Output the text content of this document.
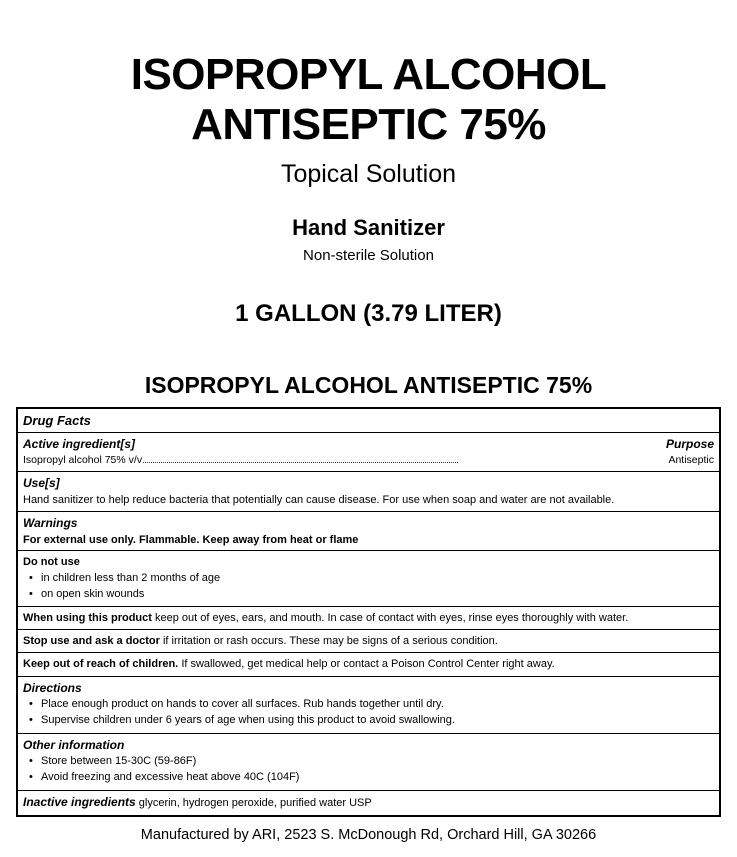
ISOPROPYL ALCOHOL
ANTISEPTIC 75%
Topical Solution
Hand Sanitizer
Non-sterile Solution
1 GALLON (3.79 LITER)
ISOPROPYL ALCOHOL ANTISEPTIC 75%
Drug Facts
Active ingredient[s]	Purpose
Isopropyl alcohol 75% v/v ..............................................................................................................................................................	Antiseptic
Use[s]
Hand sanitizer to help reduce bacteria that potentially can cause disease. For use when soap and water are not available.
Warnings
For external use only. Flammable. Keep away from heat or flame
Do not use
• in children less than 2 months of age
• on open skin wounds
When using this product keep out of eyes, ears, and mouth. In case of contact with eyes, rinse eyes thoroughly with water.
Stop use and ask a doctor if irritation or rash occurs. These may be signs of a serious condition.
Keep out of reach of children. If swallowed, get medical help or contact a Poison Control Center right away.
Directions
• Place enough product on hands to cover all surfaces. Rub hands together until dry.
• Supervise children under 6 years of age when using this product to avoid swallowing.
Other information
• Store between 15-30C (59-86F)
• Avoid freezing and excessive heat above 40C (104F)
Inactive ingredients glycerin, hydrogen peroxide, purified water USP
Manufactured by ARI, 2523 S. McDonough Rd, Orchard Hill, GA 30266
